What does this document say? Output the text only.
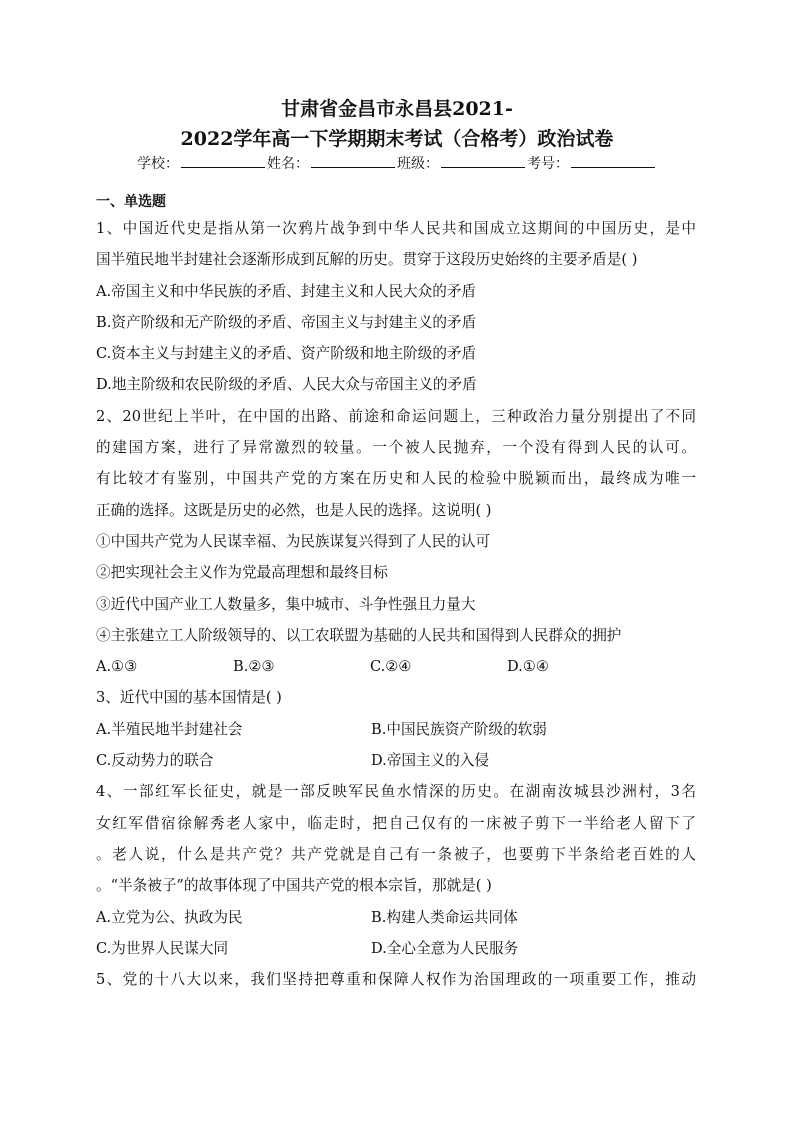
甘肃省金昌市永昌县2021-
2022学年高一下学期期末考试（合格考）政治试卷
学校：	姓名：	班级：	考号：
一、单选题
1、中国近代史是指从第一次鸦片战争到中华人民共和国成立这期间的中国历史，是中
国半殖民地半封建社会逐渐形成到瓦解的历史。贯穿于这段历史始终的主要矛盾是( )
A.帝国主义和中华民族的矛盾、封建主义和人民大众的矛盾
B.资产阶级和无产阶级的矛盾、帝国主义与封建主义的矛盾
C.资本主义与封建主义的矛盾、资产阶级和地主阶级的矛盾
D.地主阶级和农民阶级的矛盾、人民大众与帝国主义的矛盾
2、20世纪上半叶，在中国的出路、前途和命运问题上，三种政治力量分别提出了不同
的建国方案，进行了异常激烈的较量。一个被人民抛弃，一个没有得到人民的认可。
有比较才有鉴别，中国共产党的方案在历史和人民的检验中脱颖而出，最终成为唯一
正确的选择。这既是历史的必然，也是人民的选择。这说明( )
①中国共产党为人民谋幸福、为民族谋复兴得到了人民的认可
②把实现社会主义作为党最高理想和最终目标
③近代中国产业工人数量多，集中城市、斗争性强且力量大
④主张建立工人阶级领导的、以工农联盟为基础的人民共和国得到人民群众的拥护
A.①③	B.②③	C.②④	D.①④
3、近代中国的基本国情是( )
A.半殖民地半封建社会	B.中国民族资产阶级的软弱
C.反动势力的联合	D.帝国主义的入侵
4、一部红军长征史，就是一部反映军民鱼水情深的历史。在湖南汝城县沙洲村，3名
女红军借宿徐解秀老人家中，临走时，把自己仅有的一床被子剪下一半给老人留下了
。老人说，什么是共产党？共产党就是自己有一条被子，也要剪下半条给老百姓的人
。“半条被子”的故事体现了中国共产党的根本宗旨，那就是( )
A.立党为公、执政为民	B.构建人类命运共同体
C.为世界人民谋大同	D.全心全意为人民服务
5、党的十八大以来，我们坚持把尊重和保障人权作为治国理政的一项重要工作，推动
